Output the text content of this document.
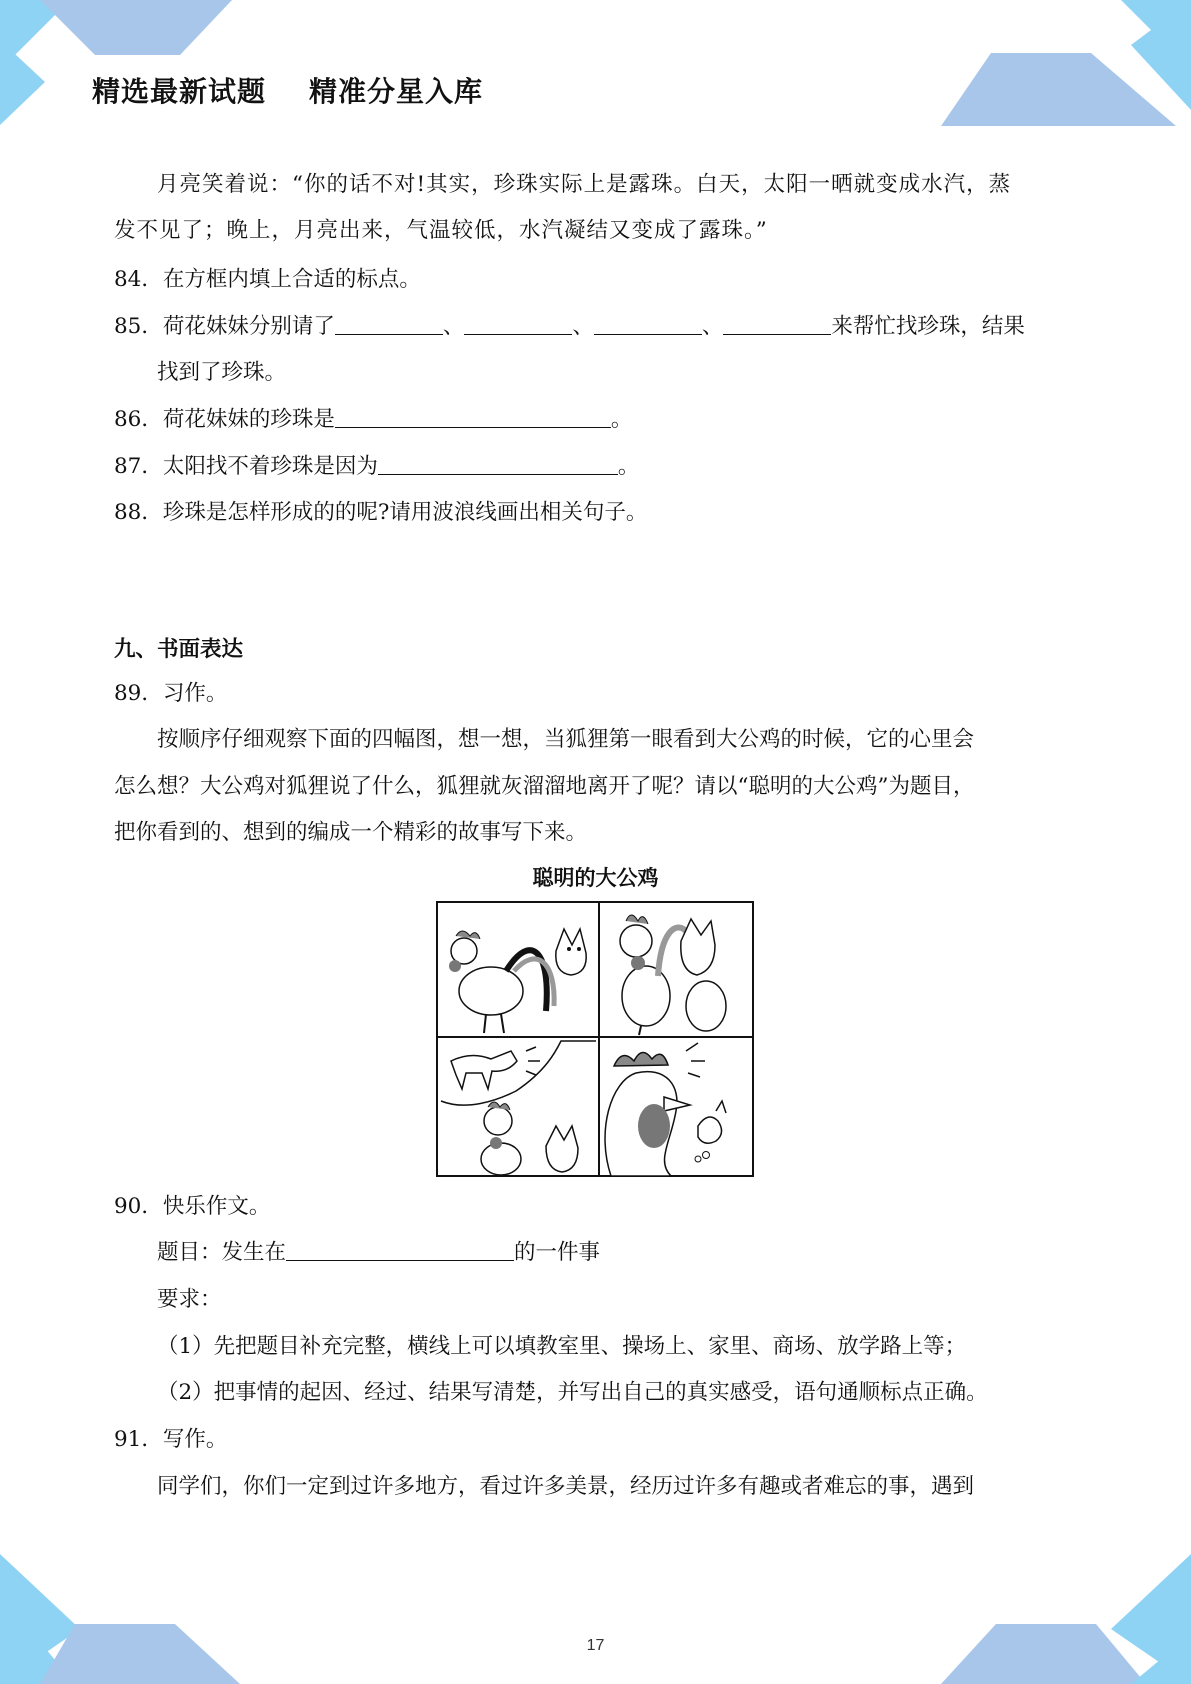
精选最新试题    精准分星入库
月亮笑着说：“你的话不对!其实，珍珠实际上是露珠。白天，太阳一晒就变成水汽，蒸
发不见了；晚上，月亮出来，气温较低，水汽凝结又变成了露珠。”
84．在方框内填上合适的标点。
85．荷花妹妹分别请了	、	、	、	来帮忙找珍珠，结果
找到了珍珠。
86．荷花妹妹的珍珠是	。
87．太阳找不着珍珠是因为	。
88．珍珠是怎样形成的的呢?请用波浪线画出相关句子。
九、书面表达
89．习作。
按顺序仔细观察下面的四幅图，想一想，当狐狸第一眼看到大公鸡的时候，它的心里会
怎么想？大公鸡对狐狸说了什么，狐狸就灰溜溜地离开了呢？请以“聪明的大公鸡”为题目，
把你看到的、想到的编成一个精彩的故事写下来。
聪明的大公鸡
90．快乐作文。
题目：发生在	的一件事
要求：
（1）先把题目补充完整，横线上可以填教室里、操场上、家里、商场、放学路上等；
（2）把事情的起因、经过、结果写清楚，并写出自己的真实感受，语句通顺标点正确。
91．写作。
同学们，你们一定到过许多地方，看过许多美景，经历过许多有趣或者难忘的事，遇到
17
